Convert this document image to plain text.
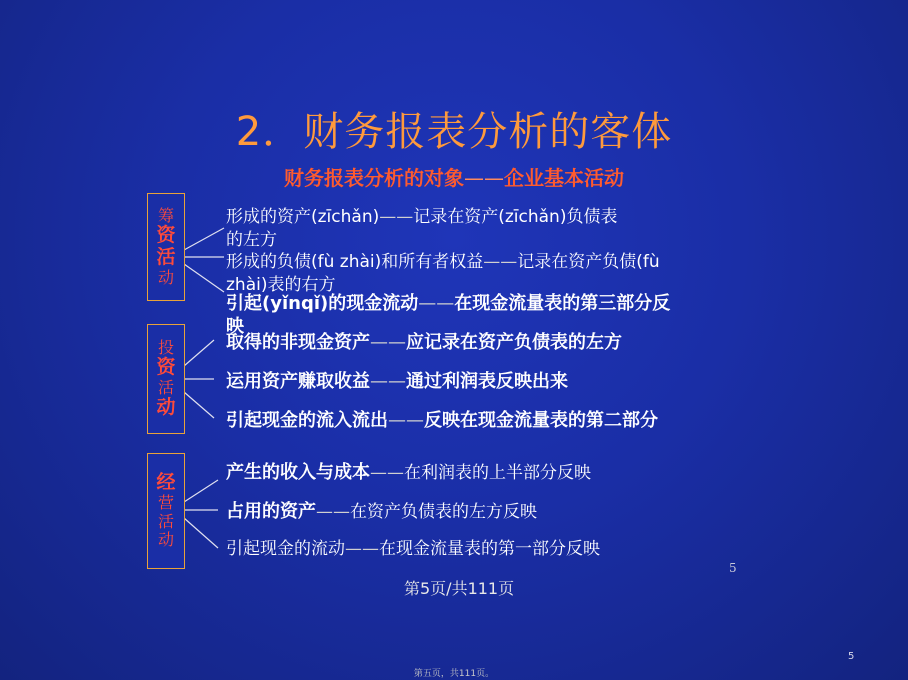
2．财务报表分析的客体
财务报表分析的对象——企业基本活动
筹
资
活
动
形成的资产(zīchǎn)——记录在资产(zīchǎn)负债表
的左方
形成的负债(fù zhài)和所有者权益——记录在资产负债(fù
zhài)表的右方
引起(yǐnqǐ)的现金流动——在现金流量表的第三部分反
映
投
资
活
动
取得的非现金资产——应记录在资产负债表的左方
运用资产赚取收益——通过利润表反映出来
引起现金的流入流出——反映在现金流量表的第二部分
经
营
活
动
产生的收入与成本——在利润表的上半部分反映
占用的资产——在资产负债表的左方反映
引起现金的流动——在现金流量表的第一部分反映
5
第5页/共111页
5
第五页，共111页。
